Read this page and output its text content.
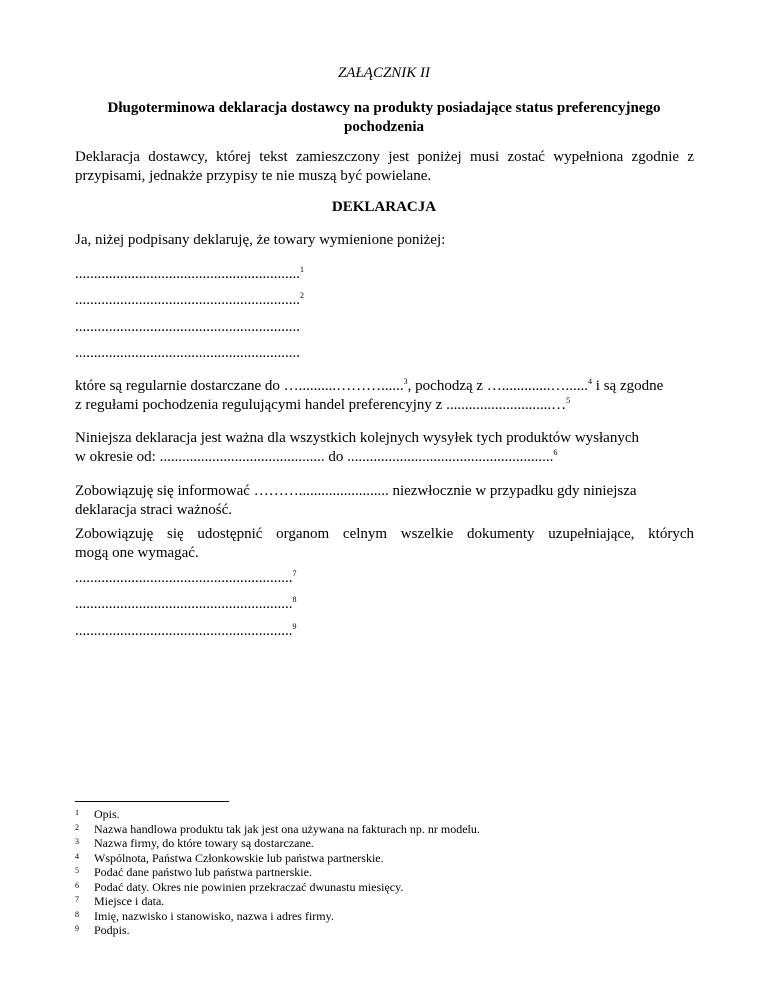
ZAŁĄCZNIK II
Długoterminowa deklaracja dostawcy na produkty posiadające status preferencyjnego pochodzenia
Deklaracja dostawcy, której tekst zamieszczony jest poniżej musi zostać wypełniona zgodnie z przypisami, jednakże przypisy te nie muszą być powielane.
DEKLARACJA
Ja, niżej podpisany deklaruję, że towary wymienione poniżej:
............................................................$^1$
............................................................$^2$
............................................................
............................................................
które są regularnie dostarczane do …..........………......$^3$, pochodzą z ….............…......$^4$ i są zgodne
z regułami pochodzenia regulującymi handel preferencyjny z ............................…$^5$
Niniejsza deklaracja jest ważna dla wszystkich kolejnych wysyłek tych produktów wysłanych
w okresie od: ............................................ do .......................................................$^6$
Zobowiązuję się informować ………........................ niezwłocznie w przypadku gdy niniejsza
deklaracja straci ważność.
Zobowiązuję się udostępnić organom celnym wszelkie dokumenty uzupełniające, których
mogą one wymagać.
..........................................................$^7$
..........................................................$^8$
..........................................................$^9$
1	Opis.
2	Nazwa handlowa produktu tak jak jest ona używana na fakturach np. nr modelu.
3	Nazwa firmy, do które towary są dostarczane.
4	Wspólnota, Państwa Członkowskie lub państwa partnerskie.
5	Podać dane państwo lub państwa partnerskie.
6	Podać daty. Okres nie powinien przekraczać dwunastu miesięcy.
7	Miejsce i data.
8	Imię, nazwisko i stanowisko, nazwa i adres firmy.
9	Podpis.
